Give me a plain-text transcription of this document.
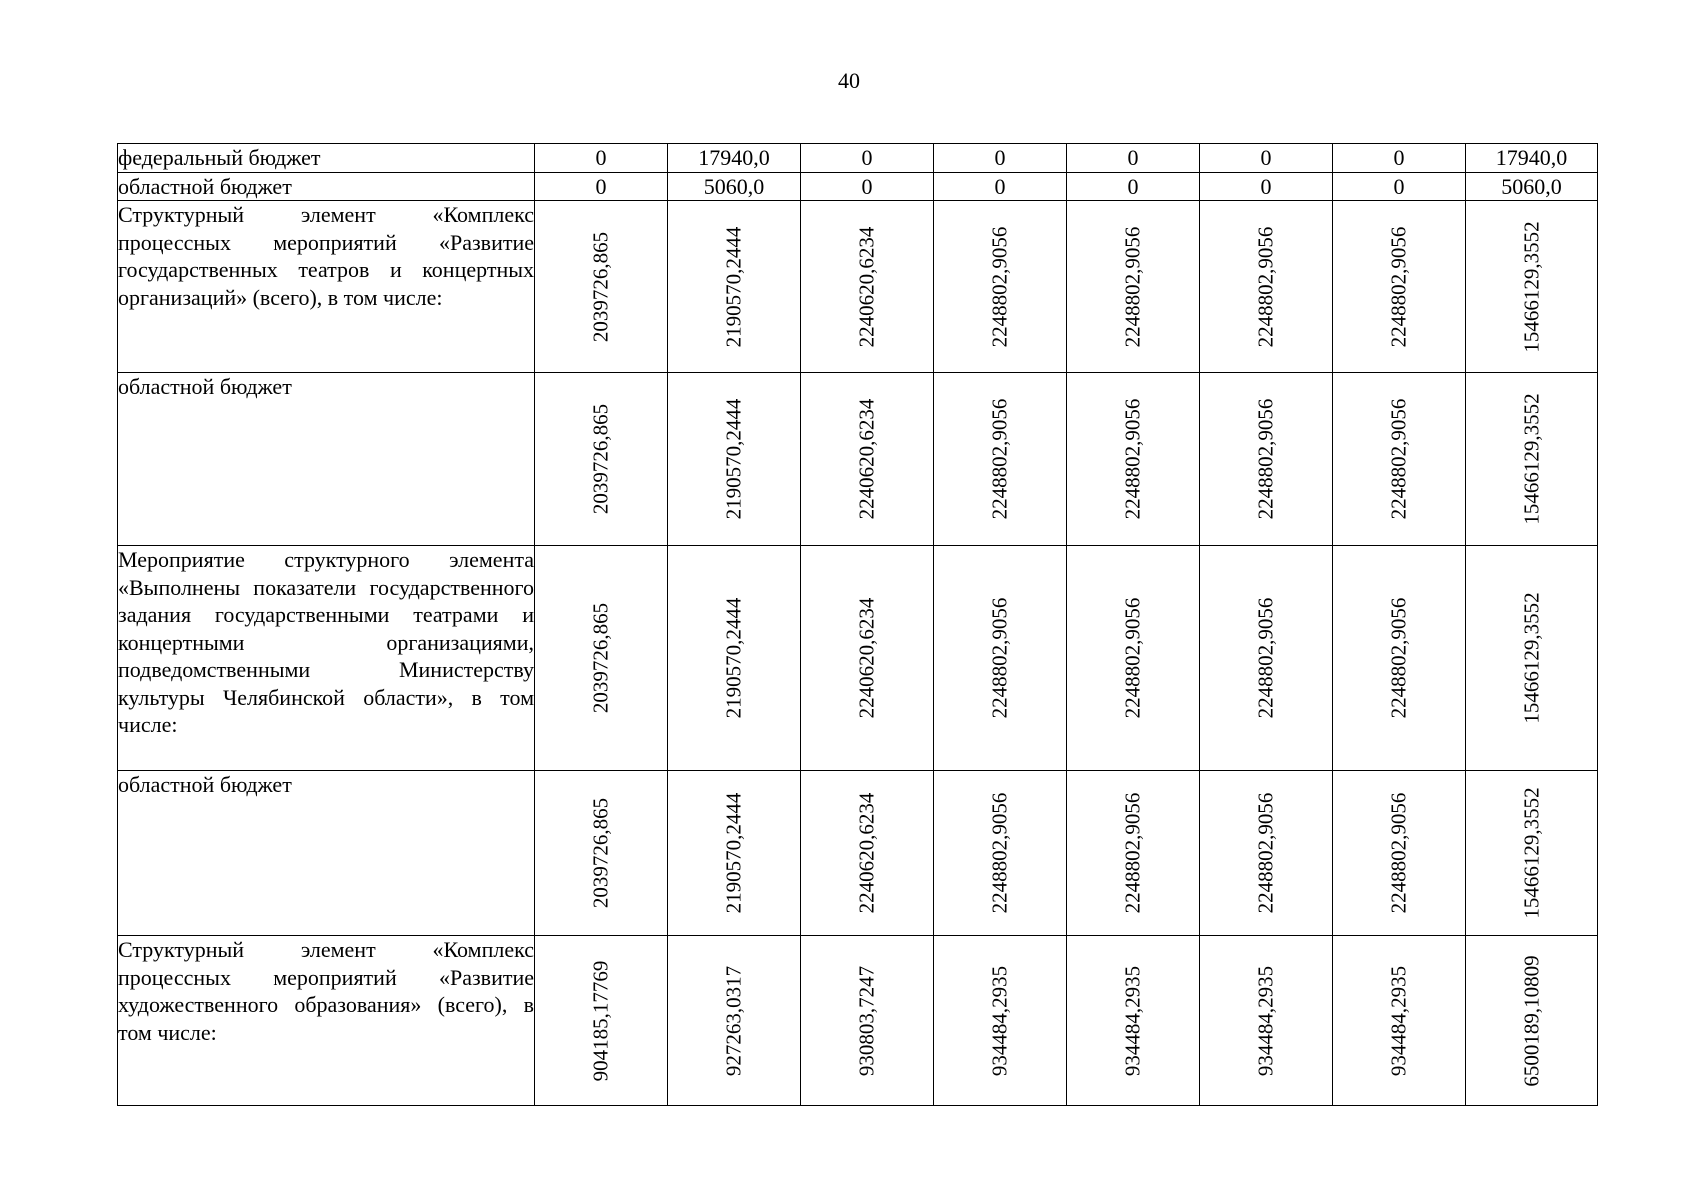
40
федеральный бюджет	0	17940,0	0	0	0	0	0	17940,0

областной бюджет	0	5060,0	0	0	0	0	0	5060,0

Структурный элемент «Комплекс процессных мероприятий «Развитие государственных театров и концертных организаций» (всего), в том числе:	2039726,865	2190570,2444	2240620,6234	2248802,9056	2248802,9056	2248802,9056	2248802,9056	15466129,3552

областной бюджет	2039726,865	2190570,2444	2240620,6234	2248802,9056	2248802,9056	2248802,9056	2248802,9056	15466129,3552

Мероприятие структурного элемента «Выполнены показатели государственного задания государственными театрами и концертными организациями, подведомственными Министерству культуры Челябинской области», в том числе:	2039726,865	2190570,2444	2240620,6234	2248802,9056	2248802,9056	2248802,9056	2248802,9056	15466129,3552

областной бюджет	2039726,865	2190570,2444	2240620,6234	2248802,9056	2248802,9056	2248802,9056	2248802,9056	15466129,3552

Структурный элемент «Комплекс процессных мероприятий «Развитие художественного образования» (всего), в том числе:	904185,17769	927263,0317	930803,7247	934484,2935	934484,2935	934484,2935	934484,2935	6500189,10809
